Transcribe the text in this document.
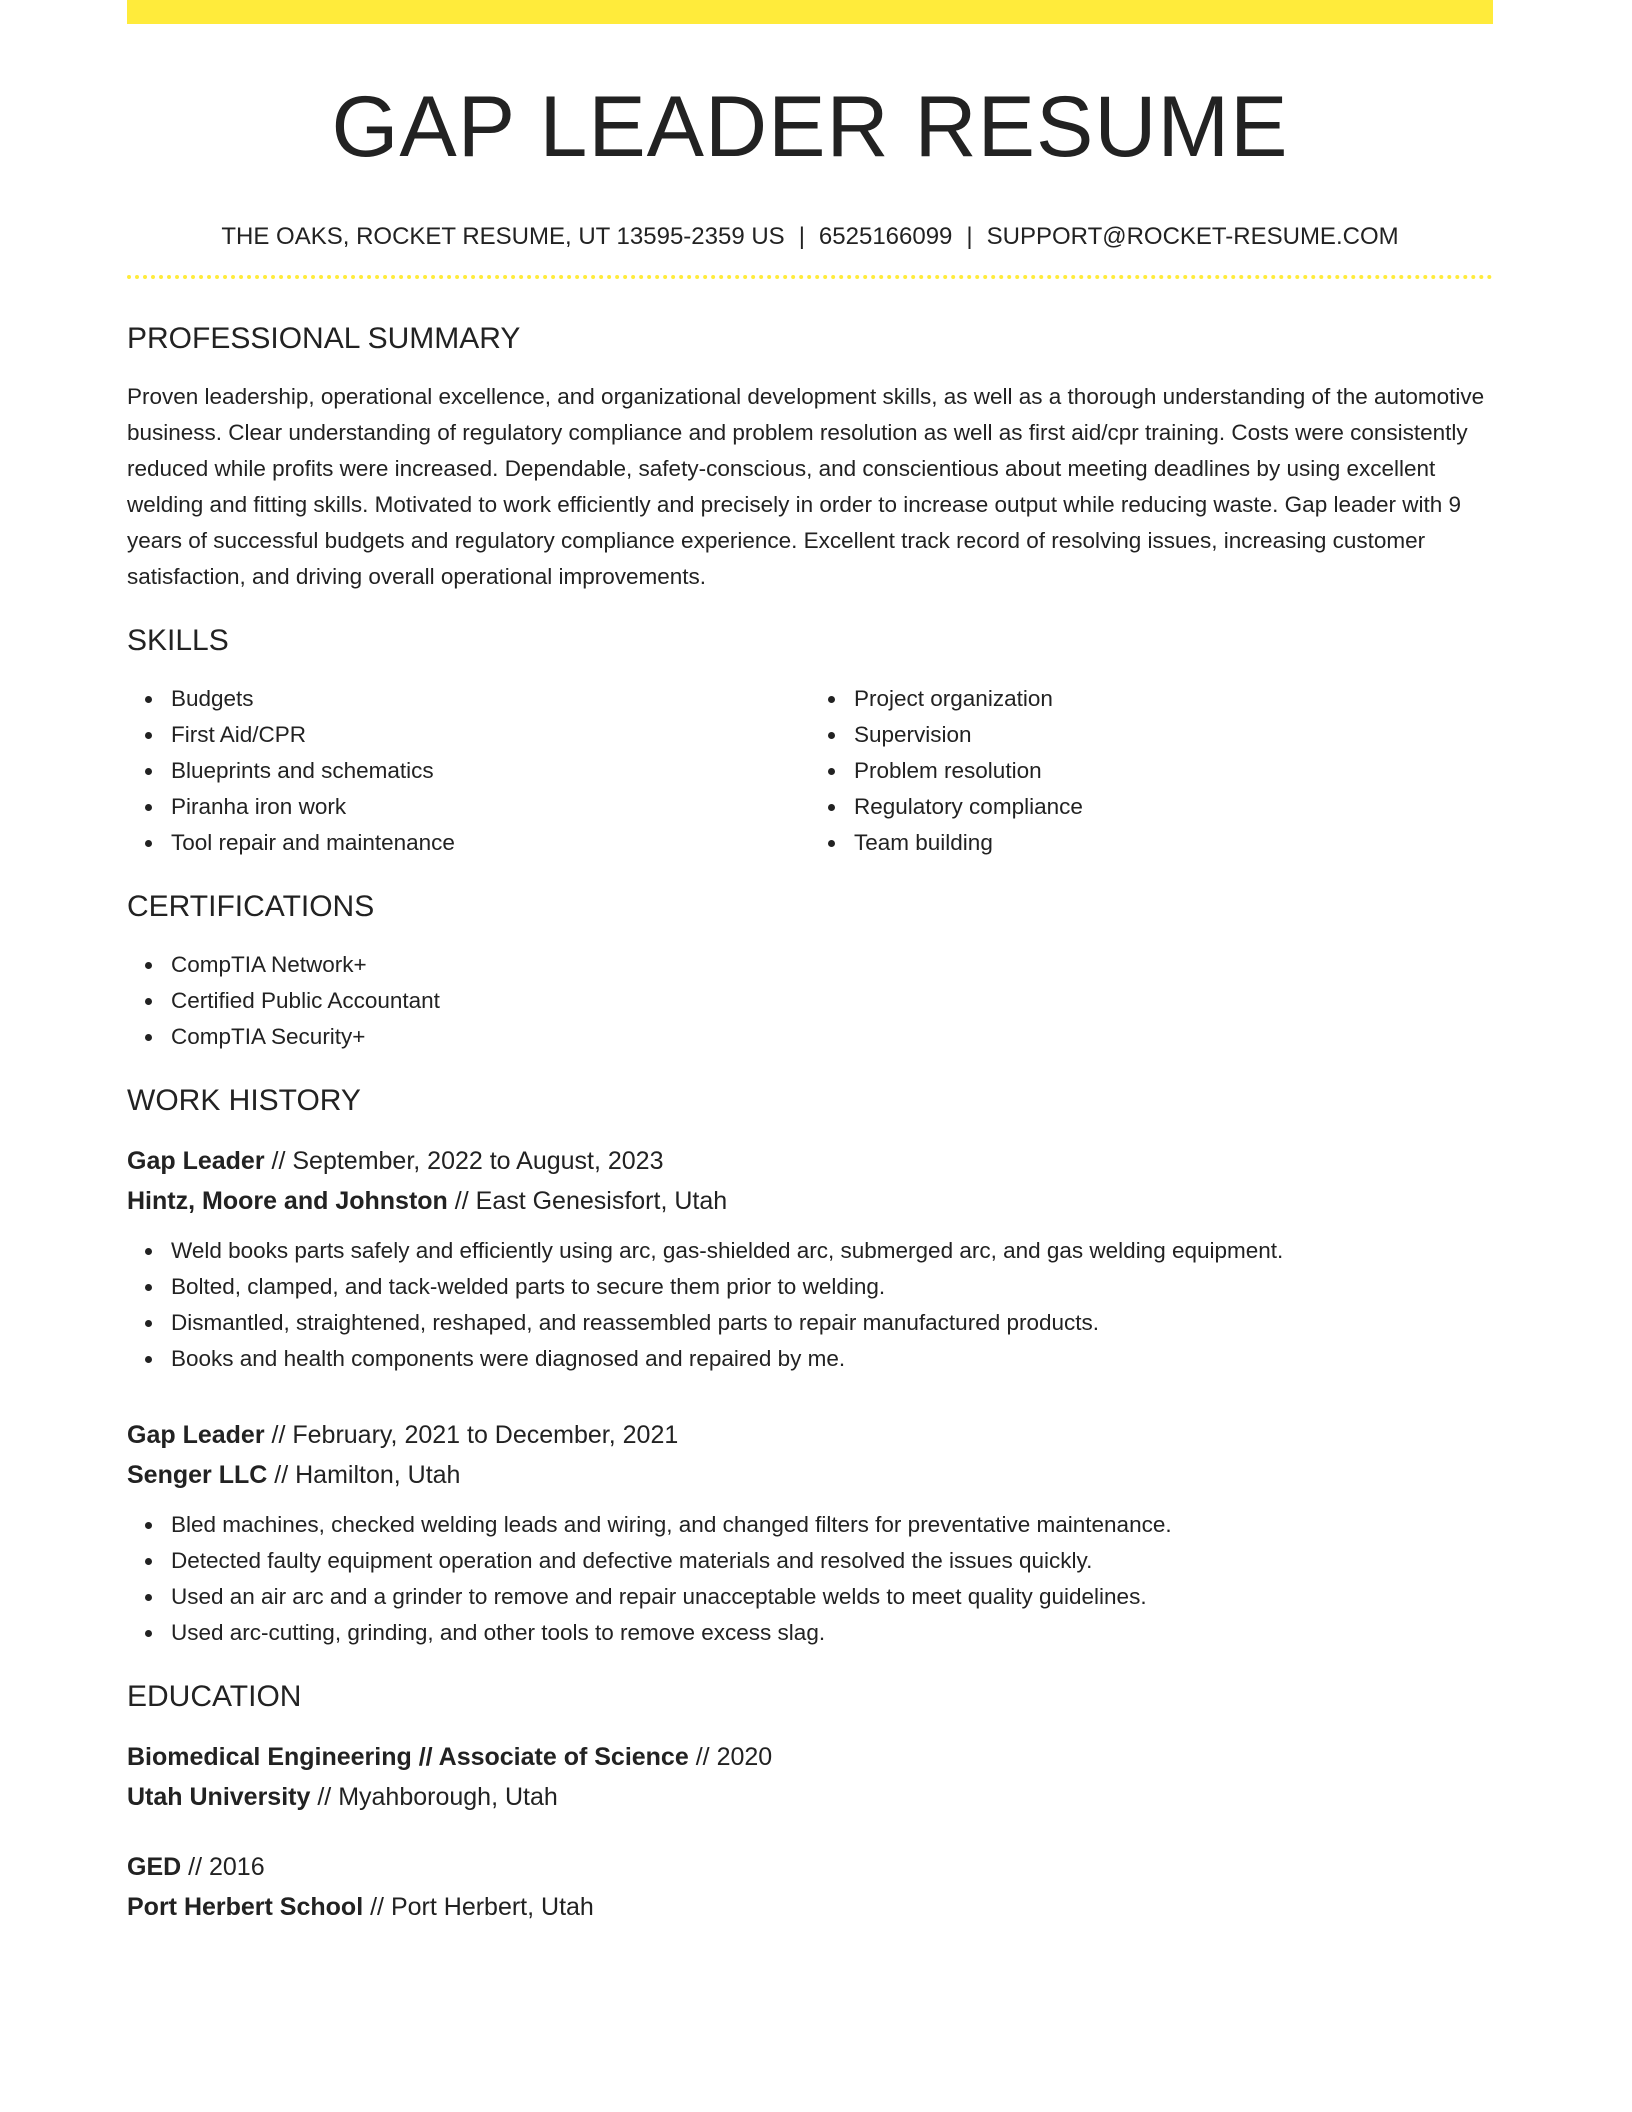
GAP LEADER RESUME
THE OAKS, ROCKET RESUME, UT 13595-2359 US | 6525166099 | SUPPORT@ROCKET-RESUME.COM
PROFESSIONAL SUMMARY

Proven leadership, operational excellence, and organizational development skills, as well as a thorough understanding of the automotive business. Clear understanding of regulatory compliance and problem resolution as well as first aid/cpr training. Costs were consistently reduced while profits were increased. Dependable, safety-conscious, and conscientious about meeting deadlines by using excellent welding and fitting skills. Motivated to work efficiently and precisely in order to increase output while reducing waste. Gap leader with 9 years of successful budgets and regulatory compliance experience. Excellent track record of resolving issues, increasing customer satisfaction, and driving overall operational improvements.

SKILLS
Budgets
First Aid/CPR
Blueprints and schematics
Piranha iron work
Tool repair and maintenance
Project organization
Supervision
Problem resolution
Regulatory compliance
Team building
CERTIFICATIONS
CompTIA Network+
Certified Public Accountant
CompTIA Security+
WORK HISTORY
Gap Leader // September, 2022 to August, 2023
Hintz, Moore and Johnston // East Genesisfort, Utah
Weld books parts safely and efficiently using arc, gas-shielded arc, submerged arc, and gas welding equipment.
Bolted, clamped, and tack-welded parts to secure them prior to welding.
Dismantled, straightened, reshaped, and reassembled parts to repair manufactured products.
Books and health components were diagnosed and repaired by me.
Gap Leader // February, 2021 to December, 2021
Senger LLC // Hamilton, Utah
Bled machines, checked welding leads and wiring, and changed filters for preventative maintenance.
Detected faulty equipment operation and defective materials and resolved the issues quickly.
Used an air arc and a grinder to remove and repair unacceptable welds to meet quality guidelines.
Used arc-cutting, grinding, and other tools to remove excess slag.
EDUCATION
Biomedical Engineering // Associate of Science // 2020
Utah University // Myahborough, Utah
GED // 2016
Port Herbert School // Port Herbert, Utah
